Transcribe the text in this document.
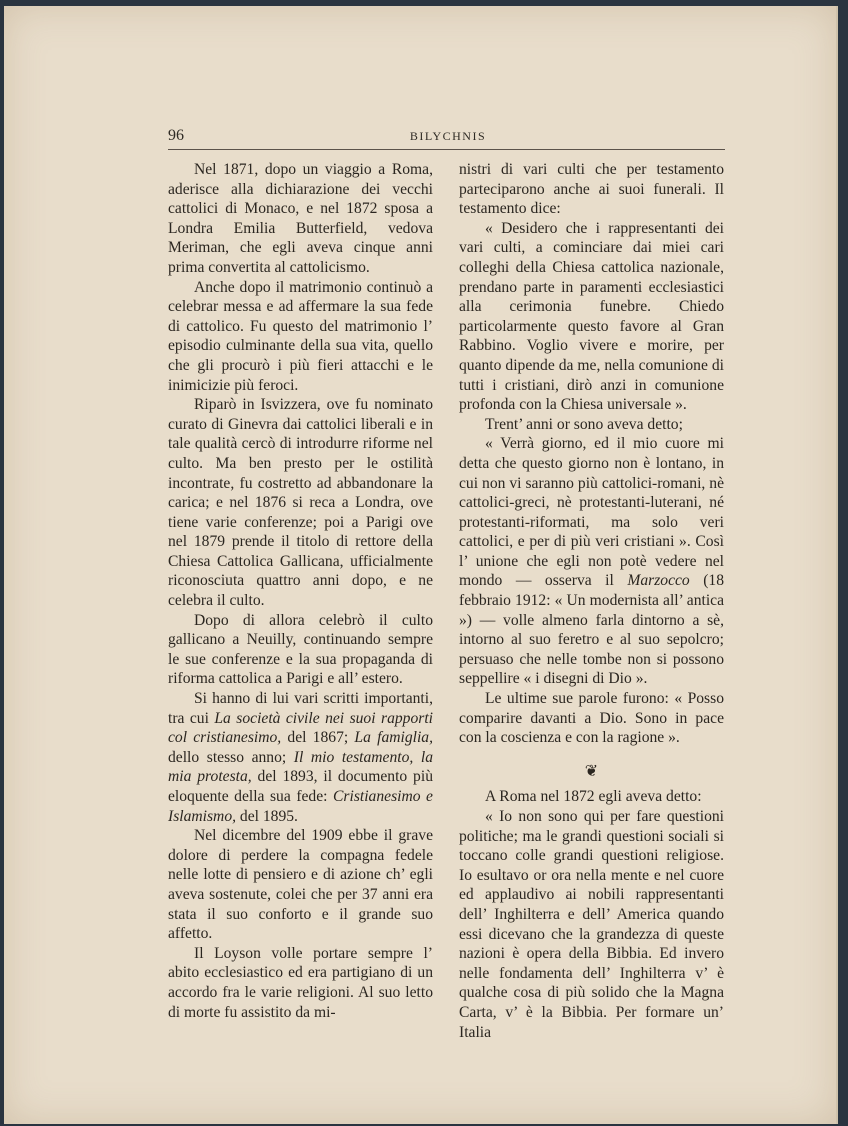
96	BILYCHNIS

Nel 1871, dopo un viaggio a Roma, aderisce alla dichiarazione dei vecchi cattolici di Monaco, e nel 1872 sposa a Londra Emilia Butterfield, vedova Meriman, che egli aveva cinque anni prima convertita al cattolicismo.

Anche dopo il matrimonio continuò a celebrar messa e ad affermare la sua fede di cattolico. Fu questo del matrimonio l’ episodio culminante della sua vita, quello che gli procurò i più fieri attacchi e le inimicizie più feroci.

Riparò in Isvizzera, ove fu nominato curato di Ginevra dai cattolici liberali e in tale qualità cercò di introdurre riforme nel culto. Ma ben presto per le ostilità incontrate, fu costretto ad abbandonare la carica; e nel 1876 si reca a Londra, ove tiene varie conferenze; poi a Parigi ove nel 1879 prende il titolo di rettore della Chiesa Cattolica Gallicana, ufficialmente riconosciuta quattro anni dopo, e ne celebra il culto.

Dopo di allora celebrò il culto gallicano a Neuilly, continuando sempre le sue conferenze e la sua propaganda di riforma cattolica a Parigi e all’ estero.

Si hanno di lui vari scritti importanti, tra cui La società civile nei suoi rapporti col cristianesimo, del 1867; La famiglia, dello stesso anno; Il mio testamento, la mia protesta, del 1893, il documento più eloquente della sua fede: Cristianesimo e Islamismo, del 1895.

Nel dicembre del 1909 ebbe il grave dolore di perdere la compagna fedele nelle lotte di pensiero e di azione ch’ egli aveva sostenute, colei che per 37 anni era stata il suo conforto e il grande suo affetto.

Il Loyson volle portare sempre l’ abito ecclesiastico ed era partigiano di un accordo fra le varie religioni. Al suo letto di morte fu assistito da mi-

nistri di vari culti che per testamento parteciparono anche ai suoi funerali. Il testamento dice:

« Desidero che i rappresentanti dei vari culti, a cominciare dai miei cari colleghi della Chiesa cattolica nazionale, prendano parte in paramenti ecclesiastici alla cerimonia funebre. Chiedo particolarmente questo favore al Gran Rabbino. Voglio vivere e morire, per quanto dipende da me, nella comunione di tutti i cristiani, dirò anzi in comunione profonda con la Chiesa universale ».

Trent’ anni or sono aveva detto;

« Verrà giorno, ed il mio cuore mi detta che questo giorno non è lontano, in cui non vi saranno più cattolici-romani, nè cattolici-greci, nè protestanti-luterani, né protestanti-riformati, ma solo veri cattolici, e per di più veri cristiani ». Così l’ unione che egli non potè vedere nel mondo — osserva il Marzocco (18 febbraio 1912: « Un modernista all’ antica ») — volle almeno farla dintorno a sè, intorno al suo feretro e al suo sepolcro; persuaso che nelle tombe non si possono seppellire « i disegni di Dio ».

Le ultime sue parole furono: « Posso comparire davanti a Dio. Sono in pace con la coscienza e con la ragione ».

❦

A Roma nel 1872 egli aveva detto:

« Io non sono qui per fare questioni politiche; ma le grandi questioni sociali si toccano colle grandi questioni religiose. Io esultavo or ora nella mente e nel cuore ed applaudivo ai nobili rappresentanti dell’ Inghilterra e dell’ America quando essi dicevano che la grandezza di queste nazioni è opera della Bibbia. Ed invero nelle fondamenta dell’ Inghilterra v’ è qualche cosa di più solido che la Magna Carta, v’ è la Bibbia. Per formare un’ Italia
